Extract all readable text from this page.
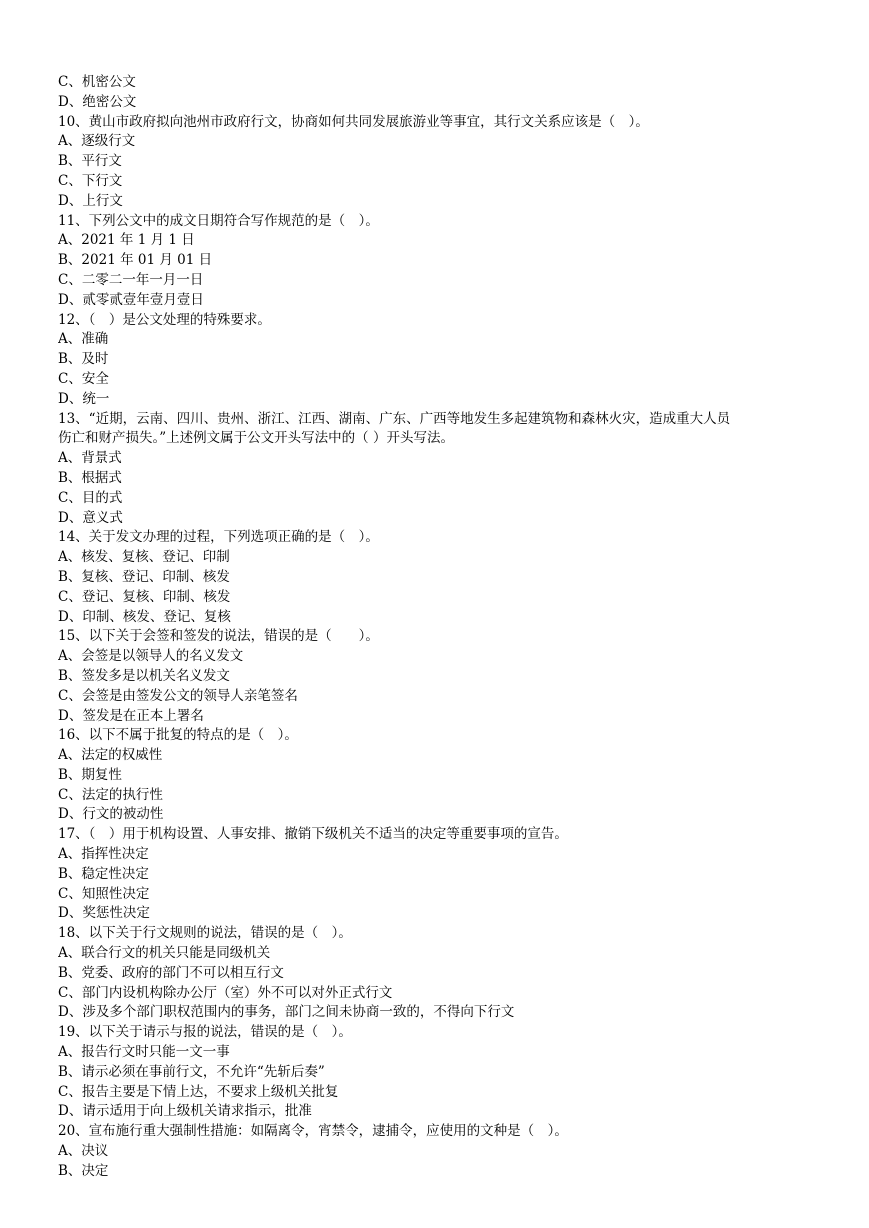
C、机密公文
D、绝密公文
10、黄山市政府拟向池州市政府行文，协商如何共同发展旅游业等事宜，其行文关系应该是（　）。
A、逐级行文
B、平行文
C、下行文
D、上行文
11、下列公文中的成文日期符合写作规范的是（　）。
A、2021 年 1 月 1 日
B、2021 年 01 月 01 日
C、二零二一年一月一日
D、贰零贰壹年壹月壹日
12、（　）是公文处理的特殊要求。
A、准确
B、及时
C、安全
D、统一
13、“近期，云南、四川、贵州、浙江、江西、湖南、广东、广西等地发生多起建筑物和森林火灾，造成重大人员
伤亡和财产损失。”上述例文属于公文开头写法中的（ ）开头写法。
A、背景式
B、根据式
C、目的式
D、意义式
14、关于发文办理的过程，下列选项正确的是（　）。
A、核发、复核、登记、印制
B、复核、登记、印制、核发
C、登记、复核、印制、核发
D、印制、核发、登记、复核
15、以下关于会签和签发的说法，错误的是（　　）。
A、会签是以领导人的名义发文
B、签发多是以机关名义发文
C、会签是由签发公文的领导人亲笔签名
D、签发是在正本上署名
16、以下不属于批复的特点的是（　）。
A、法定的权威性
B、期复性
C、法定的执行性
D、行文的被动性
17、（　）用于机构设置、人事安排、撤销下级机关不适当的决定等重要事项的宣告。
A、指挥性决定
B、稳定性决定
C、知照性决定
D、奖惩性决定
18、以下关于行文规则的说法，错误的是（　）。
A、联合行文的机关只能是同级机关
B、党委、政府的部门不可以相互行文
C、部门内设机构除办公厅（室）外不可以对外正式行文
D、涉及多个部门职权范围内的事务，部门之间未协商一致的，不得向下行文
19、以下关于请示与报的说法，错误的是（　）。
A、报告行文时只能一文一事
B、请示必须在事前行文，不允许“先斩后奏”
C、报告主要是下情上达，不要求上级机关批复
D、请示适用于向上级机关请求指示，批准
20、宣布施行重大强制性措施：如隔离令，宵禁令，逮捕令，应使用的文种是（　）。
A、决议
B、决定
